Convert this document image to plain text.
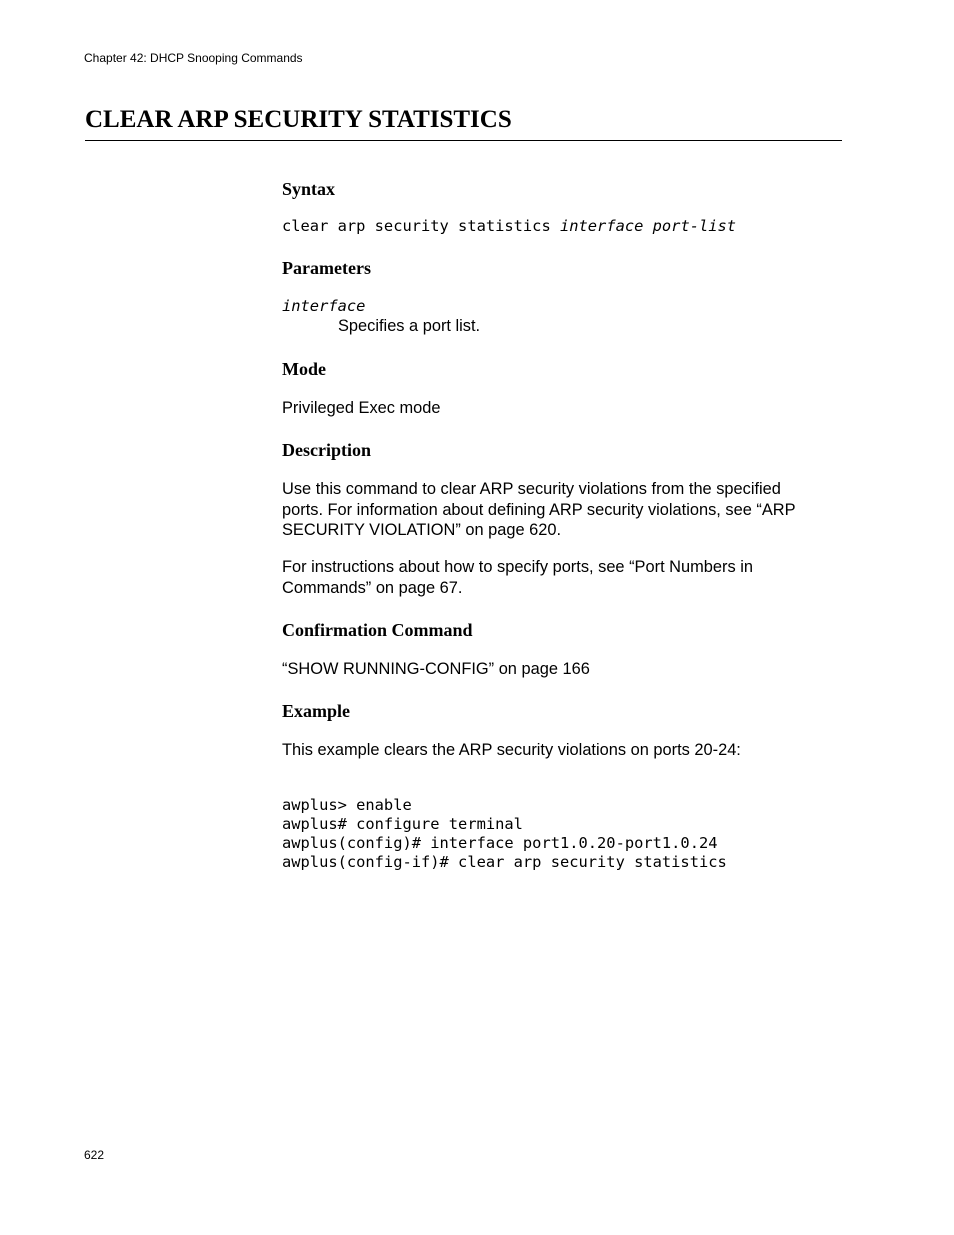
Chapter 42: DHCP Snooping Commands
CLEAR ARP SECURITY STATISTICS
Syntax
clear arp security statistics interface port-list
Parameters
interface
Specifies a port list.
Mode

Privileged Exec mode

Description
Use this command to clear ARP security violations from the specified
ports. For information about defining ARP security violations, see “ARP
SECURITY VIOLATION” on page 620.
For instructions about how to specify ports, see “Port Numbers in
Commands” on page 67.
Confirmation Command

“SHOW RUNNING-CONFIG” on page 166

Example

This example clears the ARP security violations on ports 20-24:

awplus> enable
awplus# configure terminal
awplus(config)# interface port1.0.20-port1.0.24
awplus(config-if)# clear arp security statistics

622
